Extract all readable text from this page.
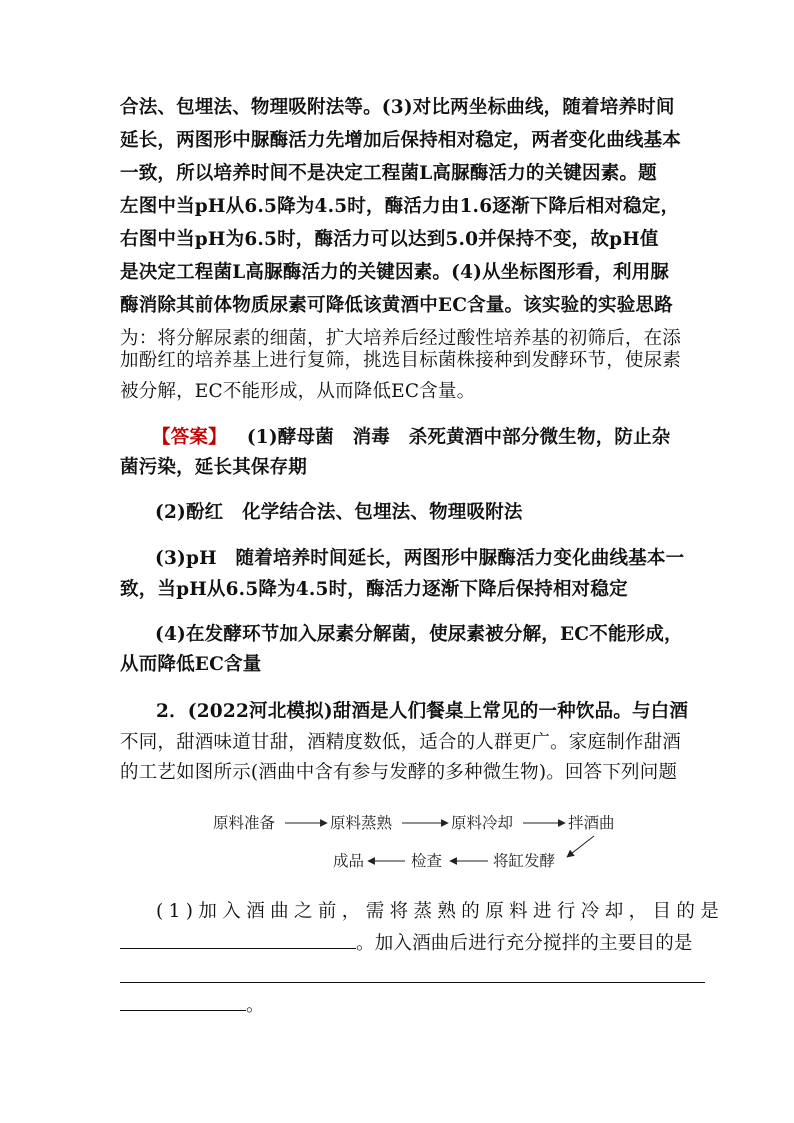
合法、包埋法、物理吸附法等。(3)对比两坐标曲线，随着培养时间
延长，两图形中脲酶活力先增加后保持相对稳定，两者变化曲线基本
一致，所以培养时间不是决定工程菌L高脲酶活力的关键因素。题
左图中当pH从6.5降为4.5时，酶活力由1.6逐渐下降后相对稳定，
右图中当pH为6.5时，酶活力可以达到5.0并保持不变，故pH值
是决定工程菌L高脲酶活力的关键因素。(4)从坐标图形看，利用脲
酶消除其前体物质尿素可降低该黄酒中EC含量。该实验的实验思路
为：将分解尿素的细菌，扩大培养后经过酸性培养基的初筛后，在添
加酚红的培养基上进行复筛，挑选目标菌株接种到发酵环节，使尿素
被分解，EC不能形成，从而降低EC含量。
【答案】 (1)酵母菌　消毒　杀死黄酒中部分微生物，防止杂
菌污染，延长其保存期
(2)酚红　化学结合法、包埋法、物理吸附法
(3)pH　随着培养时间延长，两图形中脲酶活力变化曲线基本一
致，当pH从6.5降为4.5时，酶活力逐渐下降后保持相对稳定
(4)在发酵环节加入尿素分解菌，使尿素被分解，EC不能形成，
从而降低EC含量
2．(2022河北模拟)甜酒是人们餐桌上常见的一种饮品。与白酒
不同，甜酒味道甘甜，酒精度数低，适合的人群更广。家庭制作甜酒
的工艺如图所示(酒曲中含有参与发酵的多种微生物)。回答下列问题
原料准备	原料蒸熟	原料冷却	拌酒曲
将缸发酵
检查
成品
(1)加入酒曲之前，需将蒸熟的原料进行冷却，目的是
。加入酒曲后进行充分搅拌的主要目的是
。
